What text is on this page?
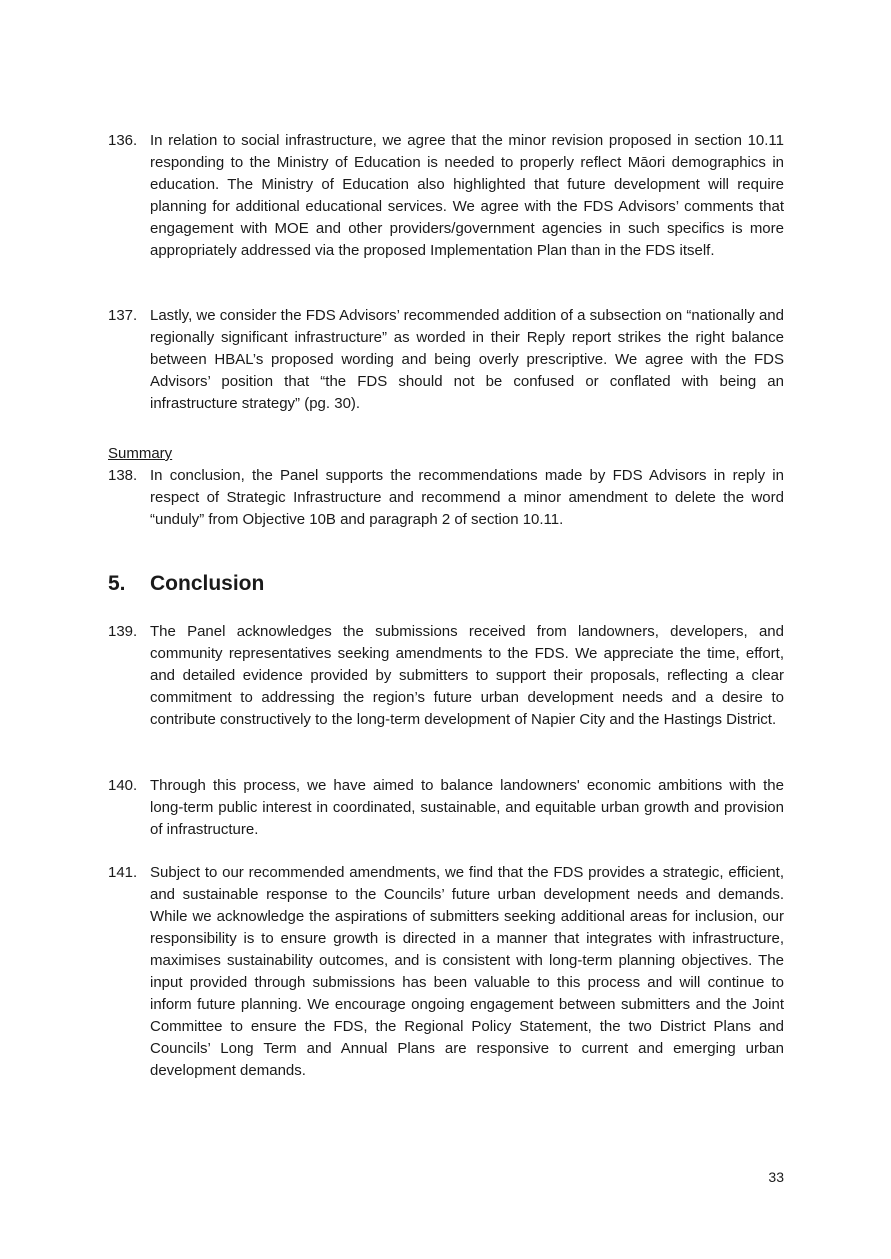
136. In relation to social infrastructure, we agree that the minor revision proposed in section 10.11 responding to the Ministry of Education is needed to properly reflect Māori demographics in education. The Ministry of Education also highlighted that future development will require planning for additional educational services. We agree with the FDS Advisors’ comments that engagement with MOE and other providers/government agencies in such specifics is more appropriately addressed via the proposed Implementation Plan than in the FDS itself.
137. Lastly, we consider the FDS Advisors’ recommended addition of a subsection on “nationally and regionally significant infrastructure” as worded in their Reply report strikes the right balance between HBAL’s proposed wording and being overly prescriptive. We agree with the FDS Advisors’ position that “the FDS should not be confused or conflated with being an infrastructure strategy” (pg. 30).
Summary
138. In conclusion, the Panel supports the recommendations made by FDS Advisors in reply in respect of Strategic Infrastructure and recommend a minor amendment to delete the word “unduly” from Objective 10B and paragraph 2 of section 10.11.
5. Conclusion
139. The Panel acknowledges the submissions received from landowners, developers, and community representatives seeking amendments to the FDS. We appreciate the time, effort, and detailed evidence provided by submitters to support their proposals, reflecting a clear commitment to addressing the region’s future urban development needs and a desire to contribute constructively to the long-term development of Napier City and the Hastings District.
140. Through this process, we have aimed to balance landowners' economic ambitions with the long-term public interest in coordinated, sustainable, and equitable urban growth and provision of infrastructure.
141. Subject to our recommended amendments, we find that the FDS provides a strategic, efficient, and sustainable response to the Councils’ future urban development needs and demands. While we acknowledge the aspirations of submitters seeking additional areas for inclusion, our responsibility is to ensure growth is directed in a manner that integrates with infrastructure, maximises sustainability outcomes, and is consistent with long-term planning objectives. The input provided through submissions has been valuable to this process and will continue to inform future planning. We encourage ongoing engagement between submitters and the Joint Committee to ensure the FDS, the Regional Policy Statement, the two District Plans and Councils’ Long Term and Annual Plans are responsive to current and emerging urban development demands.
33
